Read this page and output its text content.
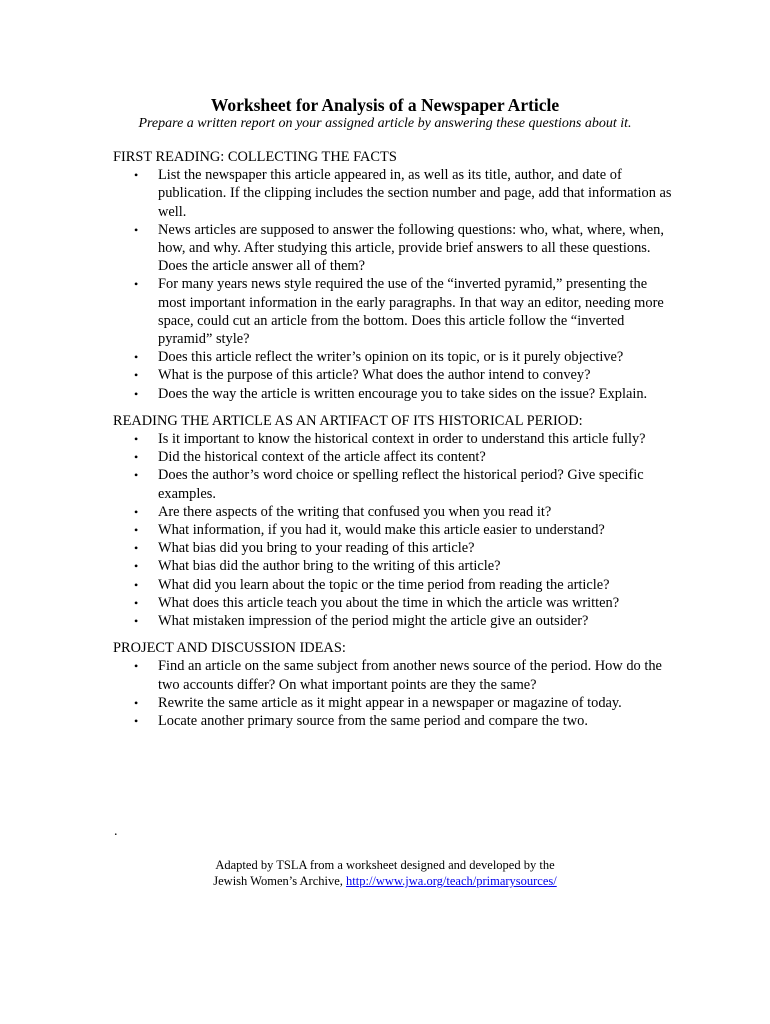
Worksheet for Analysis of a Newspaper Article
Prepare a written report on your assigned article by answering these questions about it.

FIRST READING: COLLECTING THE FACTS

• List the newspaper this article appeared in, as well as its title, author, and date of publication. If the clipping includes the section number and page, add that information as well.
• News articles are supposed to answer the following questions: who, what, where, when, how, and why. After studying this article, provide brief answers to all these questions. Does the article answer all of them?
• For many years news style required the use of the “inverted pyramid,” presenting the most important information in the early paragraphs. In that way an editor, needing more space, could cut an article from the bottom. Does this article follow the “inverted pyramid” style?
• Does this article reflect the writer’s opinion on its topic, or is it purely objective?
• What is the purpose of this article? What does the author intend to convey?
• Does the way the article is written encourage you to take sides on the issue? Explain.

READING THE ARTICLE AS AN ARTIFACT OF ITS HISTORICAL PERIOD:

• Is it important to know the historical context in order to understand this article fully?
• Did the historical context of the article affect its content?
• Does the author’s word choice or spelling reflect the historical period? Give specific examples.
• Are there aspects of the writing that confused you when you read it?
• What information, if you had it, would make this article easier to understand?
• What bias did you bring to your reading of this article?
• What bias did the author bring to the writing of this article?
• What did you learn about the topic or the time period from reading the article?
• What does this article teach you about the time in which the article was written?
• What mistaken impression of the period might the article give an outsider?

PROJECT AND DISCUSSION IDEAS:

• Find an article on the same subject from another news source of the period. How do the two accounts differ? On what important points are they the same?
• Rewrite the same article as it might appear in a newspaper or magazine of today.
• Locate another primary source from the same period and compare the two.
.
Adapted by TSLA from a worksheet designed and developed by the
Jewish Women’s Archive, http://www.jwa.org/teach/primarysources/
